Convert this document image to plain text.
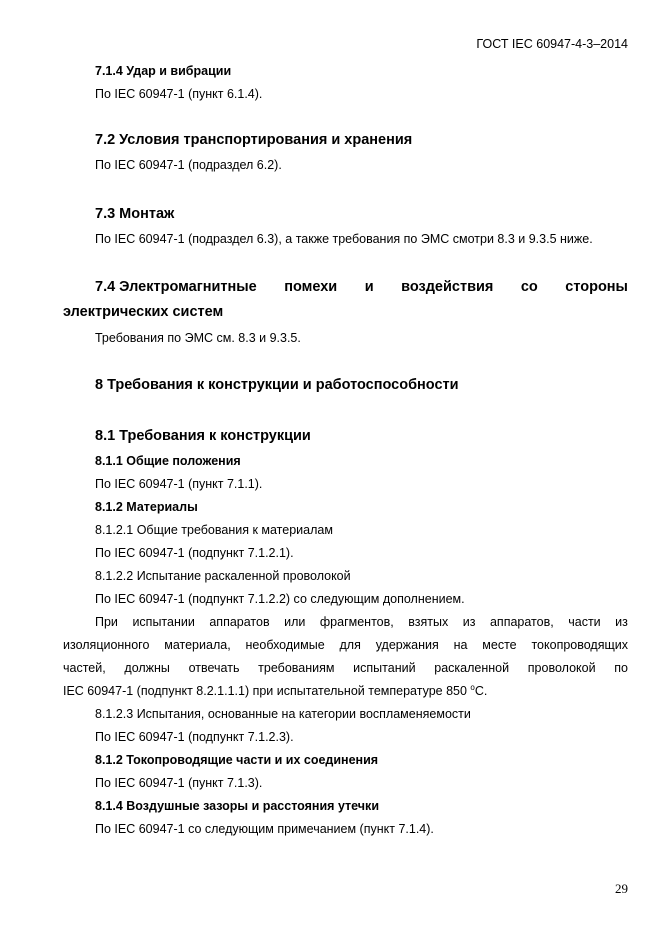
ГОСТ IEC 60947-4-3–2014
7.1.4 Удар и вибрации
По IEC 60947-1 (пункт 6.1.4).
7.2 Условия транспортирования и хранения
По IEC 60947-1 (подраздел 6.2).
7.3 Монтаж
По IEC 60947-1 (подраздел 6.3), а также требования по ЭМС смотри 8.3 и 9.3.5 ниже.
7.4 Электромагнитные помехи и воздействия со стороны
электрических систем
Требования по ЭМС см. 8.3 и 9.3.5.
8 Требования к конструкции и работоспособности
8.1 Требования к конструкции
8.1.1 Общие положения
По IEC 60947-1 (пункт 7.1.1).
8.1.2 Материалы
8.1.2.1 Общие требования к материалам
По IEC 60947-1 (подпункт 7.1.2.1).
8.1.2.2 Испытание раскаленной проволокой
По IEC 60947-1 (подпункт 7.1.2.2) со следующим дополнением.
При испытании аппаратов или фрагментов, взятых из аппаратов, части из
изоляционного материала, необходимые для удержания на месте токопроводящих
частей, должны отвечать требованиям испытаний раскаленной проволокой по
IEC 60947-1 (подпункт 8.2.1.1.1) при испытательной температуре 850 $^o$C.
8.1.2.3 Испытания, основанные на категории воспламеняемости
По IEC 60947-1 (подпункт 7.1.2.3).
8.1.2 Токопроводящие части и их соединения
По IEC 60947-1 (пункт 7.1.3).
8.1.4 Воздушные зазоры и расстояния утечки
По IEC 60947-1 со следующим примечанием (пункт 7.1.4).
29
